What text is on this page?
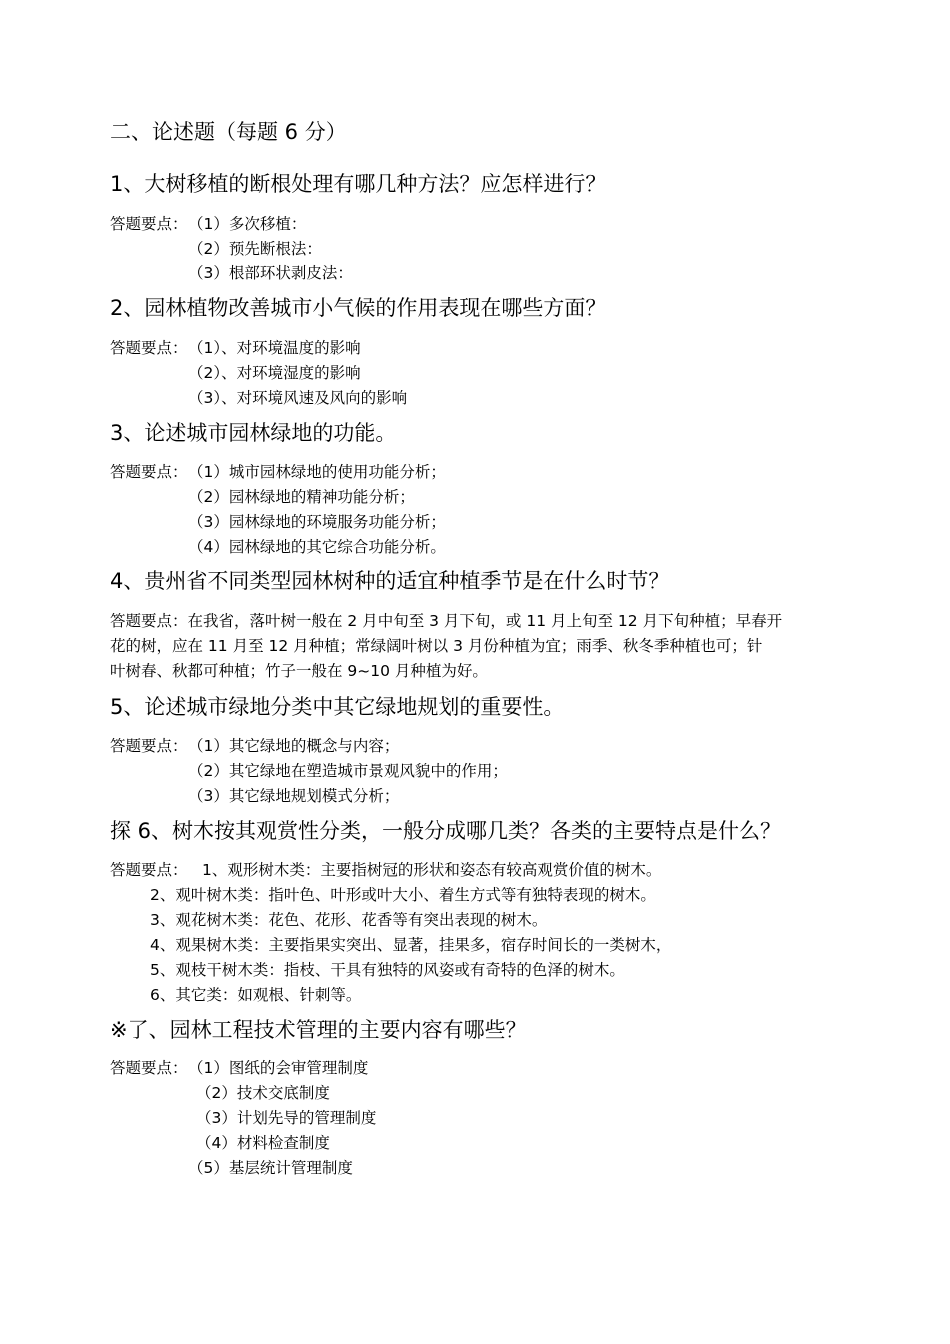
二、论述题（每题 6 分）
1、大树移植的断根处理有哪几种方法？应怎样进行？
答题要点： （1）多次移植：
（2）预先断根法：
（3）根部环状剥皮法：
2、园林植物改善城市小气候的作用表现在哪些方面？
答题要点： （1）、对环境温度的影响
（2）、对环境湿度的影响
（3）、对环境风速及风向的影响
3、论述城市园林绿地的功能。
答题要点： （1）城市园林绿地的使用功能分析；
（2）园林绿地的精神功能分析；
（3）园林绿地的环境服务功能分析；
（4）园林绿地的其它综合功能分析。
4、贵州省不同类型园林树种的适宜种植季节是在什么时节？
答题要点：在我省，落叶树一般在 2 月中旬至 3 月下旬，或 11 月上旬至 12 月下旬种植；早春开
花的树，应在 11 月至 12 月种植；常绿阔叶树以 3 月份种植为宜；雨季、秋冬季种植也可；针
叶树春、秋都可种植；竹子一般在 9~10 月种植为好。
5、论述城市绿地分类中其它绿地规划的重要性。
答题要点： （1）其它绿地的概念与内容；
（2）其它绿地在塑造城市景观风貌中的作用；
（3）其它绿地规划模式分析；
探 6、树木按其观赏性分类，一般分成哪几类？各类的主要特点是什么？
答题要点： 1、观形树木类：主要指树冠的形状和姿态有较高观赏价值的树木。
2、观叶树木类：指叶色、叶形或叶大小、着生方式等有独特表现的树木。
3、观花树木类：花色、花形、花香等有突出表现的树木。
4、观果树木类：主要指果实突出、显著，挂果多，宿存时间长的一类树木，
5、观枝干树木类：指枝、干具有独特的风姿或有奇特的色泽的树木。
6、其它类：如观根、针刺等。
※了、园林工程技术管理的主要内容有哪些？
答题要点： （1）图纸的会审管理制度
（2）技术交底制度
（3）计划先导的管理制度
（4）材料检查制度
（5）基层统计管理制度
